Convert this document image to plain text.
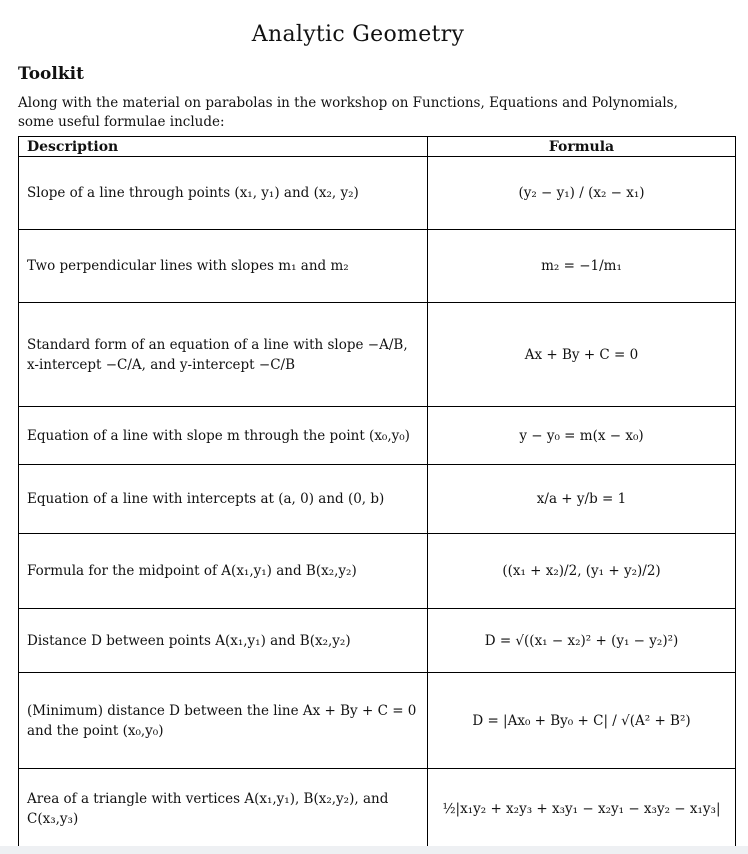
Analytic Geometry
Toolkit
Along with the material on parabolas in the workshop on Functions, Equations and Polynomials, some useful formulae include:
Description	Formula
Slope of a line through points (x₁, y₁) and (x₂, y₂)	(y₂ − y₁) / (x₂ − x₁)
Two perpendicular lines with slopes m₁ and m₂	m₂ = −1/m₁
Standard form of an equation of a line with slope −A/B, x-intercept −C/A, and y-intercept −C/B	Ax + By + C = 0
Equation of a line with slope m through the point (x₀,y₀)	y − y₀ = m(x − x₀)
Equation of a line with intercepts at (a, 0) and (0, b)	x/a + y/b = 1
Formula for the midpoint of A(x₁,y₁) and B(x₂,y₂)	((x₁ + x₂)/2, (y₁ + y₂)/2)
Distance D between points A(x₁,y₁) and B(x₂,y₂)	D = √((x₁ − x₂)² + (y₁ − y₂)²)
(Minimum) distance D between the line Ax + By + C = 0 and the point (x₀,y₀)	D = |Ax₀ + By₀ + C| / √(A² + B²)
Area of a triangle with vertices A(x₁,y₁), B(x₂,y₂), and C(x₃,y₃)	½|x₁y₂ + x₂y₃ + x₃y₁ − x₂y₁ − x₃y₂ − x₁y₃|
